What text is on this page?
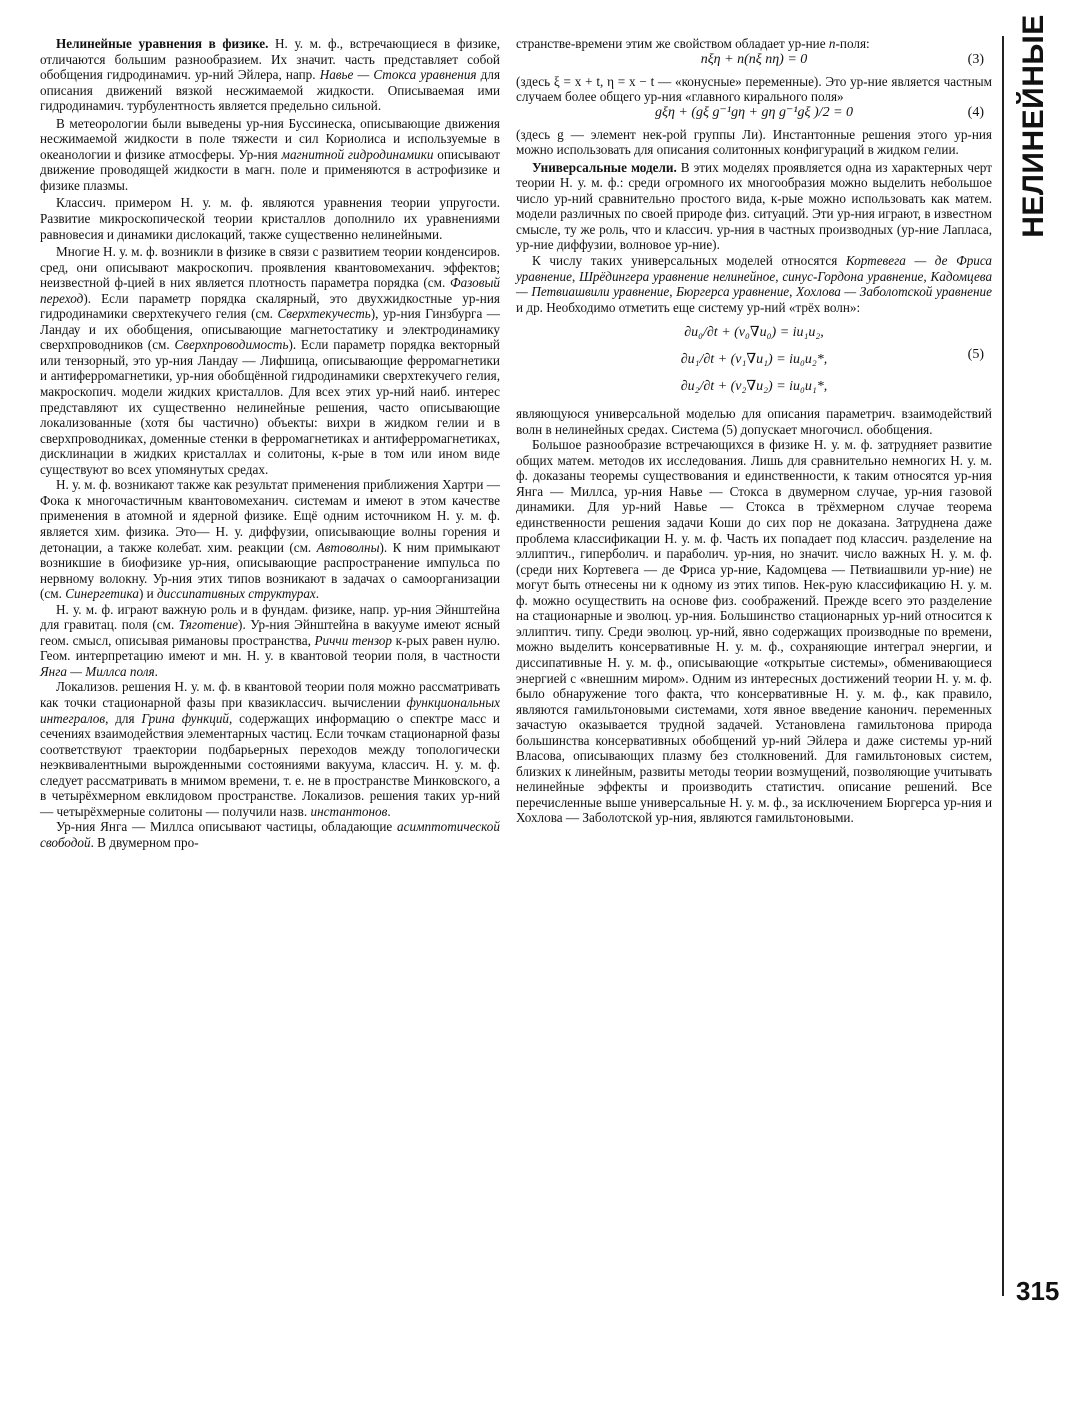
Нелинейные уравнения в физике. Н. у. м. ф., встречающиеся в физике, отличаются большим разнообразием. Их значит. часть представляет собой обобщения гидродинамич. ур-ний Эйлера, напр. Навье — Стокса уравнения для описания движений вязкой несжимаемой жидкости. Описываемая ими гидродинамич. турбулентность является предельно сильной.

В метеорологии были выведены ур-ния Буссинеска, описывающие движения несжимаемой жидкости в поле тяжести и сил Кориолиса и используемые в океанологии и физике атмосферы. Ур-ния магнитной гидродинамики описывают движение проводящей жидкости в магн. поле и применяются в астрофизике и физике плазмы.

Классич. примером Н. у. м. ф. являются уравнения теории упругости. Развитие микроскопической теории кристаллов дополнило их уравнениями равновесия и динамики дислокаций, также существенно нелинейными.

Многие Н. у. м. ф. возникли в физике в связи с развитием теории конденсиров. сред, они описывают макроскопич. проявления квантовомеханич. эффектов; неизвестной ф-цией в них является плотность параметра порядка (см. Фазовый переход). Если параметр порядка скалярный, это двухжидкостные ур-ния гидродинамики сверхтекучего гелия (см. Сверхтекучесть), ур-ния Гинзбурга — Ландау и их обобщения, описывающие магнетостатику и электродинамику сверхпроводников (см. Сверхпроводимость). Если параметр порядка векторный или тензорный, это ур-ния Ландау — Лифшица, описывающие ферромагнетики и антиферромагнетики, ур-ния обобщённой гидродинамики сверхтекучего гелия, макроскопич. модели жидких кристаллов. Для всех этих ур-ний наиб. интерес представляют их существенно нелинейные решения, часто описывающие локализованные (хотя бы частично) объекты: вихри в жидком гелии и в сверхпроводниках, доменные стенки в ферромагнетиках и антиферромагнетиках, дисклинации в жидких кристаллах и солитоны, к-рые в том или ином виде существуют во всех упомянутых средах.

Н. у. м. ф. возникают также как результат применения приближения Хартри — Фока к многочастичным квантовомеханич. системам и имеют в этом качестве применения в атомной и ядерной физике. Ещё одним источником Н. у. м. ф. является хим. физика. Это— Н. у. диффузии, описывающие волны горения и детонации, а также колебат. хим. реакции (см. Автоволны). К ним примыкают возникшие в биофизике ур-ния, описывающие распространение импульса по нервному волокну. Ур-ния этих типов возникают в задачах о самоорганизации (см. Синергетика) и диссипативных структурах.

Н. у. м. ф. играют важную роль и в фундам. физике, напр. ур-ния Эйнштейна для гравитац. поля (см. Тяготение). Ур-ния Эйнштейна в вакууме имеют ясный геом. смысл, описывая римановы пространства, Риччи тензор к-рых равен нулю. Геом. интерпретацию имеют и мн. Н. у. в квантовой теории поля, в частности Янга — Миллса поля.

Локализов. решения Н. у. м. ф. в квантовой теории поля можно рассматривать как точки стационарной фазы при квазиклассич. вычислении функциональных интегралов, для Грина функций, содержащих информацию о спектре масс и сечениях взаимодействия элементарных частиц. Если точкам стационарной фазы соответствуют траектории подбарьерных переходов между топологически неэквивалентными вырожденными состояниями вакуума, классич. Н. у. м. ф. следует рассматривать в мнимом времени, т. е. не в пространстве Минковского, а в четырёхмерном евклидовом пространстве. Локализов. решения таких ур-ний — четырёхмерные солитоны — получили назв. инстантонов.

Ур-ния Янга — Миллса описывают частицы, обладающие асимптотической свободой. В двумерном про-

странстве-времени этим же свойством обладает ур-ние n-поля:

nξη + n(nξ nη) = 0	(3)

(здесь ξ = x + t, η = x − t — «конусные» переменные). Это ур-ние является частным случаем более общего ур-ния «главного кирального поля»

gξη + (gξ g⁻¹gη + gη g⁻¹gξ )/2 = 0	(4)

(здесь g — элемент нек-рой группы Ли). Инстантонные решения этого ур-ния можно использовать для описания солитонных конфигураций в жидком гелии.

Универсальные модели. В этих моделях проявляется одна из характерных черт теории Н. у. м. ф.: среди огромного их многообразия можно выделить небольшое число ур-ний сравнительно простого вида, к-рые можно использовать как матем. модели различных по своей природе физ. ситуаций. Эти ур-ния играют, в известном смысле, ту же роль, что и классич. ур-ния в частных производных (ур-ние Лапласа, ур-ние диффузии, волновое ур-ние).

К числу таких универсальных моделей относятся Кортевега — де Фриса уравнение, Шрёдингера уравнение нелинейное, синус-Гордона уравнение, Кадомцева — Петвиашвили уравнение, Бюргерса уравнение, Хохлова — Заболотской уравнение и др. Необходимо отметить еще систему ур-ний «трёх волн»:

∂u₀/∂t + (v₀∇u₀) = iu₁u₂,
∂u₁/∂t + (v₁∇u₁) = iu₀u₂*,
∂u₂/∂t + (v₂∇u₂) = iu₀u₁*,
(5)

являющуюся универсальной моделью для описания параметрич. взаимодействий волн в нелинейных средах. Система (5) допускает многочисл. обобщения.

Большое разнообразие встречающихся в физике Н. у. м. ф. затрудняет развитие общих матем. методов их исследования. Лишь для сравнительно немногих Н. у. м. ф. доказаны теоремы существования и единственности, к таким относятся ур-ния Янга — Миллса, ур-ния Навье — Стокса в двумерном случае, ур-ния газовой динамики. Для ур-ний Навье — Стокса в трёхмерном случае теорема единственности решения задачи Коши до сих пор не доказана. Затруднена даже проблема классификации Н. у. м. ф. Часть их попадает под классич. разделение на эллиптич., гиперболич. и параболич. ур-ния, но значит. число важных Н. у. м. ф. (среди них Кортевега — де Фриса ур-ние, Кадомцева — Петвиашвили ур-ние) не могут быть отнесены ни к одному из этих типов. Нек-рую классификацию Н. у. м. ф. можно осуществить на основе физ. соображений. Прежде всего это разделение на стационарные и эволюц. ур-ния. Большинство стационарных ур-ний относится к эллиптич. типу. Среди эволюц. ур-ний, явно содержащих производные по времени, можно выделить консервативные Н. у. м. ф., сохраняющие интеграл энергии, и диссипативные Н. у. м. ф., описывающие «открытые системы», обменивающиеся энергией с «внешним миром». Одним из интересных достижений теории Н. у. м. ф. было обнаружение того факта, что консервативные Н. у. м. ф., как правило, являются гамильтоновыми системами, хотя явное введение канонич. переменных зачастую оказывается трудной задачей. Установлена гамильтонова природа большинства консервативных обобщений ур-ний Эйлера и даже системы ур-ний Власова, описывающих плазму без столкновений. Для гамильтоновых систем, близких к линейным, развиты методы теории возмущений, позволяющие учитывать нелинейные эффекты и производить статистич. описание решений. Все перечисленные выше универсальные Н. у. м. ф., за исключением Бюргерса ур-ния и Хохлова — Заболотской ур-ния, являются гамильтоновыми.

НЕЛИНЕЙНЫЕ
315
